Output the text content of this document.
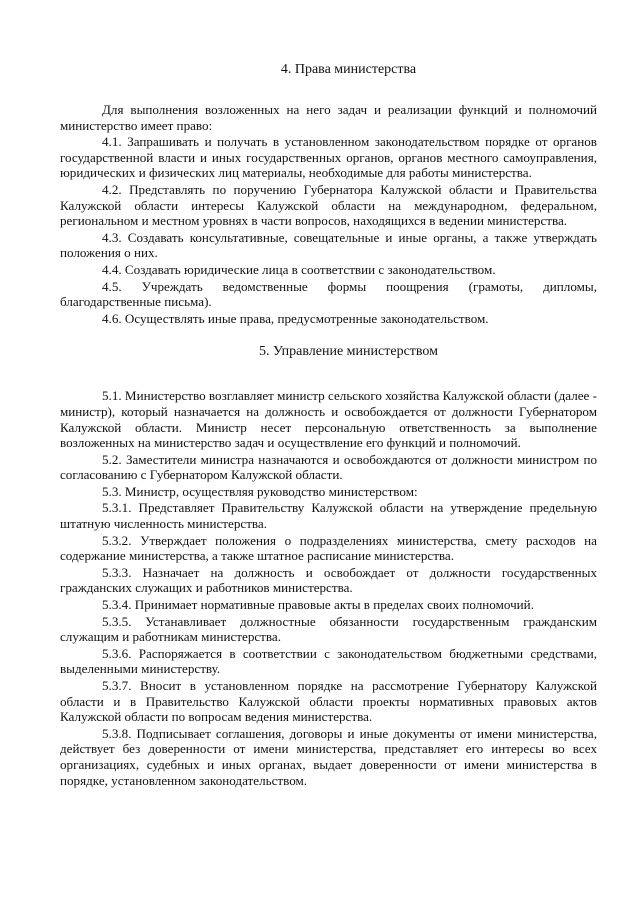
4. Права министерства

Для выполнения возложенных на него задач и реализации функций и полномочий министерство имеет право:

4.1. Запрашивать и получать в установленном законодательством порядке от органов государственной власти и иных государственных органов, органов местного самоуправления, юридических и физических лиц материалы, необходимые для работы министерства.

4.2. Представлять по поручению Губернатора Калужской области и Правительства Калужской области интересы Калужской области на международном, федеральном, региональном и местном уровнях в части вопросов, находящихся в ведении министерства.

4.3. Создавать консультативные, совещательные и иные органы, а также утверждать положения о них.

4.4. Создавать юридические лица в соответствии с законодательством.

4.5. Учреждать ведомственные формы поощрения (грамоты, дипломы, благодарственные письма).

4.6. Осуществлять иные права, предусмотренные законодательством.

5. Управление министерством

5.1. Министерство возглавляет министр сельского хозяйства Калужской области (далее - министр), который назначается на должность и освобождается от должности Губернатором Калужской области. Министр несет персональную ответственность за выполнение возложенных на министерство задач и осуществление его функций и полномочий.

5.2. Заместители министра назначаются и освобождаются от должности министром по согласованию с Губернатором Калужской области.

5.3. Министр, осуществляя руководство министерством:

5.3.1. Представляет Правительству Калужской области на утверждение предельную штатную численность министерства.

5.3.2. Утверждает положения о подразделениях министерства, смету расходов на содержание министерства, а также штатное расписание министерства.

5.3.3. Назначает на должность и освобождает от должности государственных гражданских служащих и работников министерства.

5.3.4. Принимает нормативные правовые акты в пределах своих полномочий.

5.3.5. Устанавливает должностные обязанности государственным гражданским служащим и работникам министерства.

5.3.6. Распоряжается в соответствии с законодательством бюджетными средствами, выделенными министерству.

5.3.7. Вносит в установленном порядке на рассмотрение Губернатору Калужской области и в Правительство Калужской области проекты нормативных правовых актов Калужской области по вопросам ведения министерства.

5.3.8. Подписывает соглашения, договоры и иные документы от имени министерства, действует без доверенности от имени министерства, представляет его интересы во всех организациях, судебных и иных органах, выдает доверенности от имени министерства в порядке, установленном законодательством.
